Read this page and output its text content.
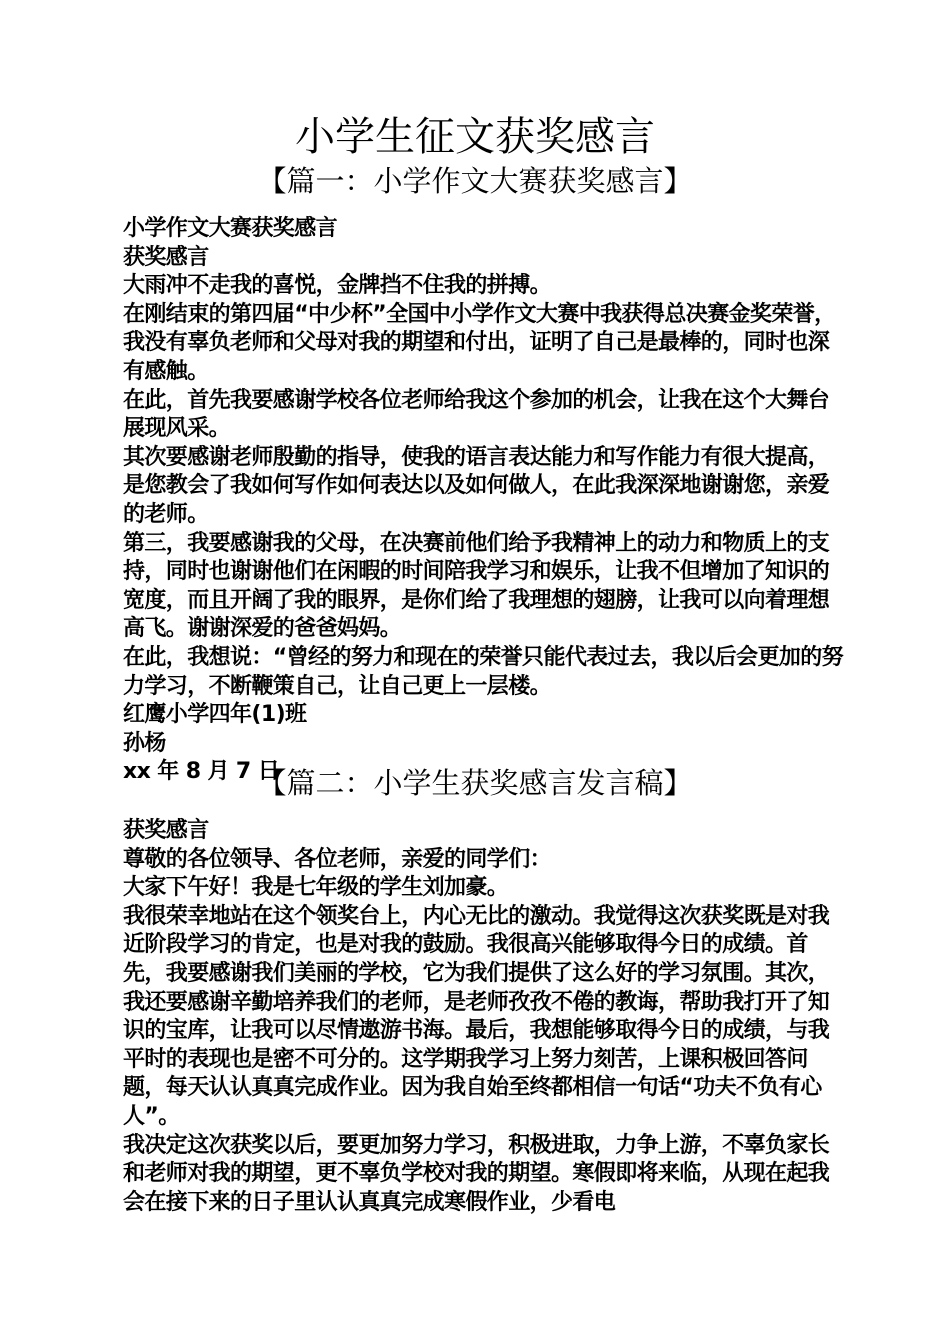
小学生征文获奖感言
【篇一：小学作文大赛获奖感言】

小学作文大赛获奖感言

获奖感言

大雨冲不走我的喜悦，金牌挡不住我的拼搏。

在刚结束的第四届“中少杯”全国中小学作文大赛中我获得总决赛金奖荣誉，我没有辜负老师和父母对我的期望和付出，证明了自己是最棒的，同时也深有感触。

在此，首先我要感谢学校各位老师给我这个参加的机会，让我在这个大舞台展现风采。

其次要感谢老师殷勤的指导，使我的语言表达能力和写作能力有很大提高，是您教会了我如何写作如何表达以及如何做人，在此我深深地谢谢您，亲爱的老师。

第三，我要感谢我的父母，在决赛前他们给予我精神上的动力和物质上的支持，同时也谢谢他们在闲暇的时间陪我学习和娱乐，让我不但增加了知识的宽度，而且开阔了我的眼界，是你们给了我理想的翅膀，让我可以向着理想高飞。谢谢深爱的爸爸妈妈。

在此，我想说：“曾经的努力和现在的荣誉只能代表过去，我以后会更加的努力学习，不断鞭策自己，让自己更上一层楼。

红鹰小学四年(1)班

孙杨

xx 年 8 月 7 日

【篇二：小学生获奖感言发言稿】

获奖感言

尊敬的各位领导、各位老师，亲爱的同学们：

大家下午好！我是七年级的学生刘加豪。

我很荣幸地站在这个领奖台上，内心无比的激动。我觉得这次获奖既是对我近阶段学习的肯定，也是对我的鼓励。我很高兴能够取得今日的成绩。首先，我要感谢我们美丽的学校，它为我们提供了这么好的学习氛围。其次，我还要感谢辛勤培养我们的老师，是老师孜孜不倦的教诲，帮助我打开了知识的宝库，让我可以尽情遨游书海。最后，我想能够取得今日的成绩，与我平时的表现也是密不可分的。这学期我学习上努力刻苦，上课积极回答问题，每天认认真真完成作业。因为我自始至终都相信一句话“功夫不负有心人”。

我决定这次获奖以后，要更加努力学习，积极进取，力争上游，不辜负家长和老师对我的期望，更不辜负学校对我的期望。寒假即将来临，从现在起我会在接下来的日子里认认真真完成寒假作业，少看电
